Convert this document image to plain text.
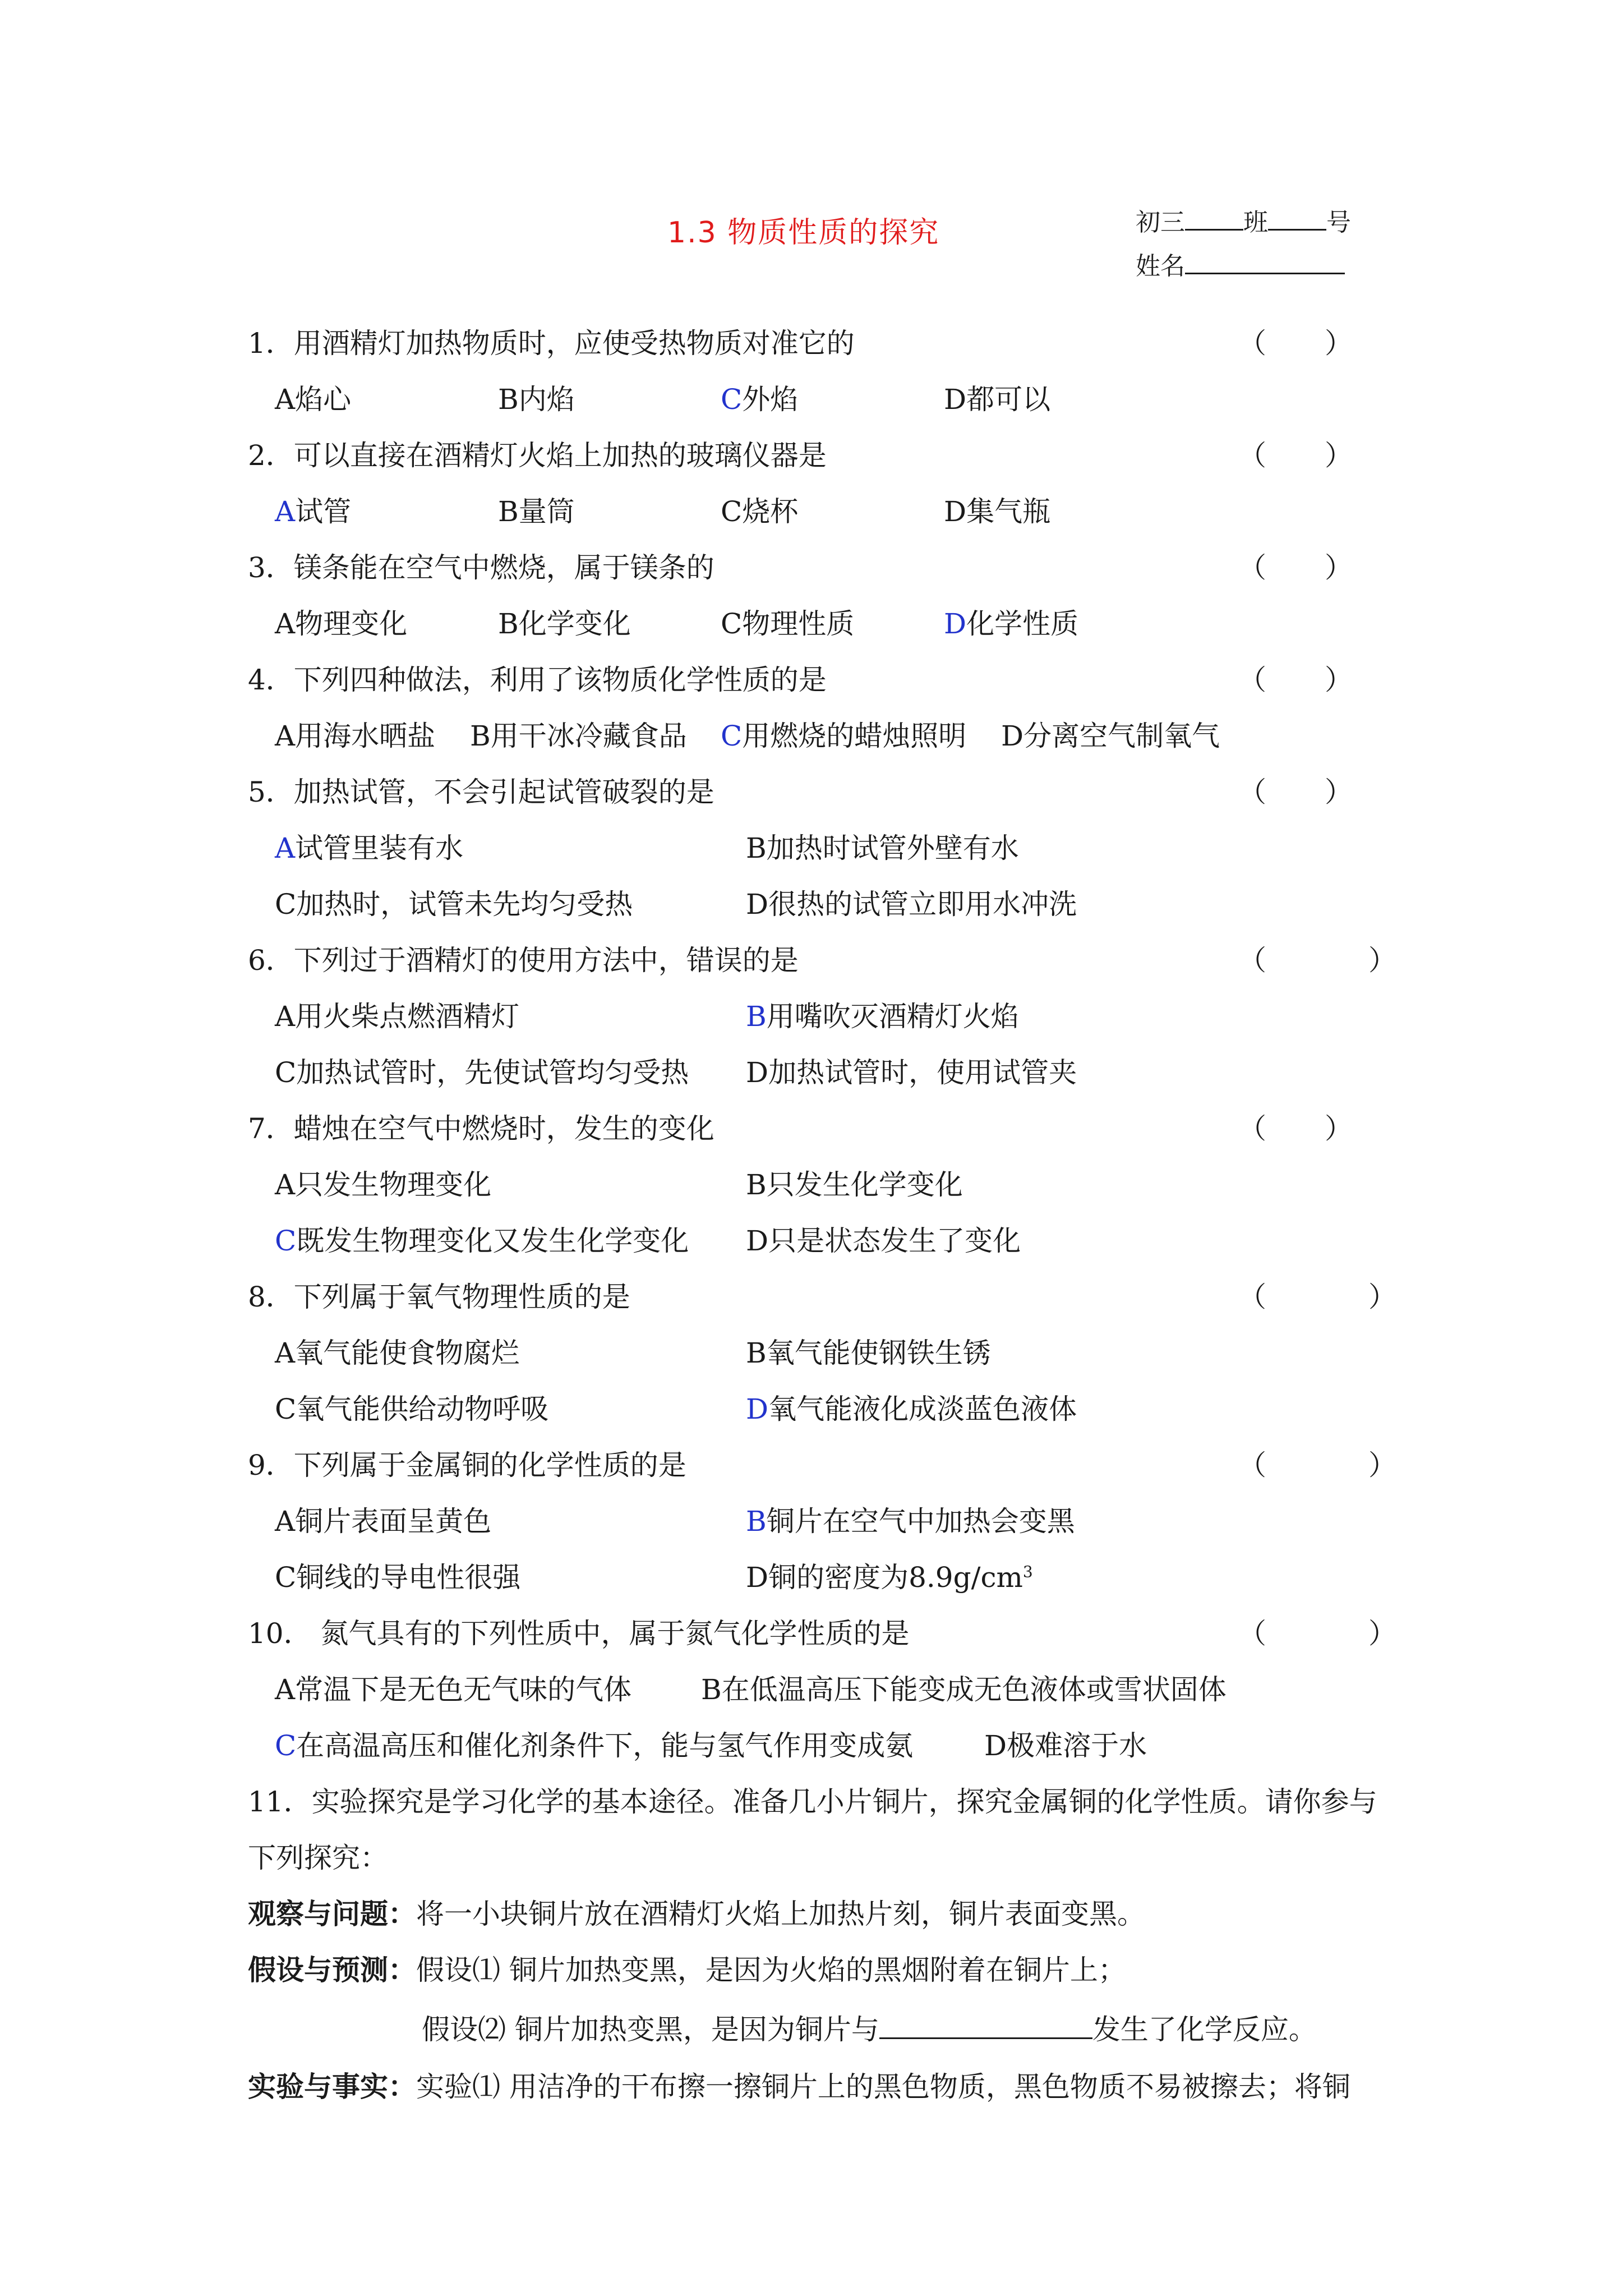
1.3 物质性质的探究	初三 班 号
姓名
1．用酒精灯加热物质时，应使受热物质对准它的	（ ）
A焰心	B内焰	C外焰	D都可以
2．可以直接在酒精灯火焰上加热的玻璃仪器是	（ ）
A试管	B量筒	C烧杯	D集气瓶
3．镁条能在空气中燃烧，属于镁条的	（ ）
A物理变化	B化学变化	C物理性质	D化学性质
4．下列四种做法，利用了该物质化学性质的是	（ ）
A用海水晒盐 B用干冰冷藏食品 C用燃烧的蜡烛照明 D分离空气制氧气
5．加热试管，不会引起试管破裂的是	（ ）
A试管里装有水	B加热时试管外壁有水
C加热时，试管未先均匀受热	D很热的试管立即用水冲洗
6．下列过于酒精灯的使用方法中，错误的是	（	）
A用火柴点燃酒精灯	B用嘴吹灭酒精灯火焰
C加热试管时，先使试管均匀受热 D加热试管时，使用试管夹
7．蜡烛在空气中燃烧时，发生的变化	（ ）
A只发生物理变化	B只发生化学变化
C既发生物理变化又发生化学变化 D只是状态发生了变化
8．下列属于氧气物理性质的是	（	）
A氧气能使食物腐烂	B氧气能使钢铁生锈
C氧气能供给动物呼吸	D氧气能液化成淡蓝色液体
9．下列属于金属铜的化学性质的是	（	）
A铜片表面呈黄色	B铜片在空气中加热会变黑
C铜线的导电性很强	D铜的密度为$8.9g/cm^3$
10． 氮气具有的下列性质中，属于氮气化学性质的是	（	）
A常温下是无色无气味的气体 B在低温高压下能变成无色液体或雪状固体
C在高温高压和催化剂条件下，能与氢气作用变成氨	D极难溶于水
11．实验探究是学习化学的基本途径。准备几小片铜片，探究金属铜的化学性质。请你参与
下列探究：
观察与问题：将一小块铜片放在酒精灯火焰上加热片刻，铜片表面变黑。
假设与预测：假设⑴ 铜片加热变黑，是因为火焰的黑烟附着在铜片上；
假设⑵ 铜片加热变黑，是因为铜片与	发生了化学反应。
实验与事实：实验⑴ 用洁净的干布擦一擦铜片上的黑色物质，黑色物质不易被擦去；将铜
